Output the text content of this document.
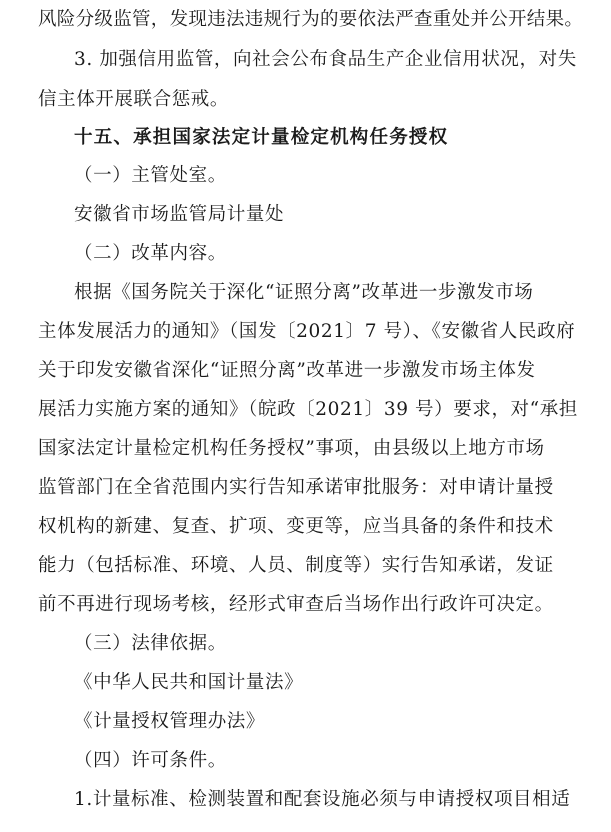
风险分级监管，发现违法违规行为的要依法严查重处并公开结果。
3. 加强信用监管，向社会公布食品生产企业信用状况，对失
信主体开展联合惩戒。
十五、承担国家法定计量检定机构任务授权
（一）主管处室。
安徽省市场监管局计量处
（二）改革内容。
根据《国务院关于深化“证照分离”改革进一步激发市场
主体发展活力的通知》（国发〔2021〕7 号）、《安徽省人民政府
关于印发安徽省深化“证照分离”改革进一步激发市场主体发
展活力实施方案的通知》（皖政〔2021〕39 号）要求，对“承担
国家法定计量检定机构任务授权”事项，由县级以上地方市场
监管部门在全省范围内实行告知承诺审批服务：对申请计量授
权机构的新建、复查、扩项、变更等，应当具备的条件和技术
能力（包括标准、环境、人员、制度等）实行告知承诺，发证
前不再进行现场考核，经形式审查后当场作出行政许可决定。
（三）法律依据。
《中华人民共和国计量法》
《计量授权管理办法》
（四）许可条件。
1.计量标准、检测装置和配套设施必须与申请授权项目相适
